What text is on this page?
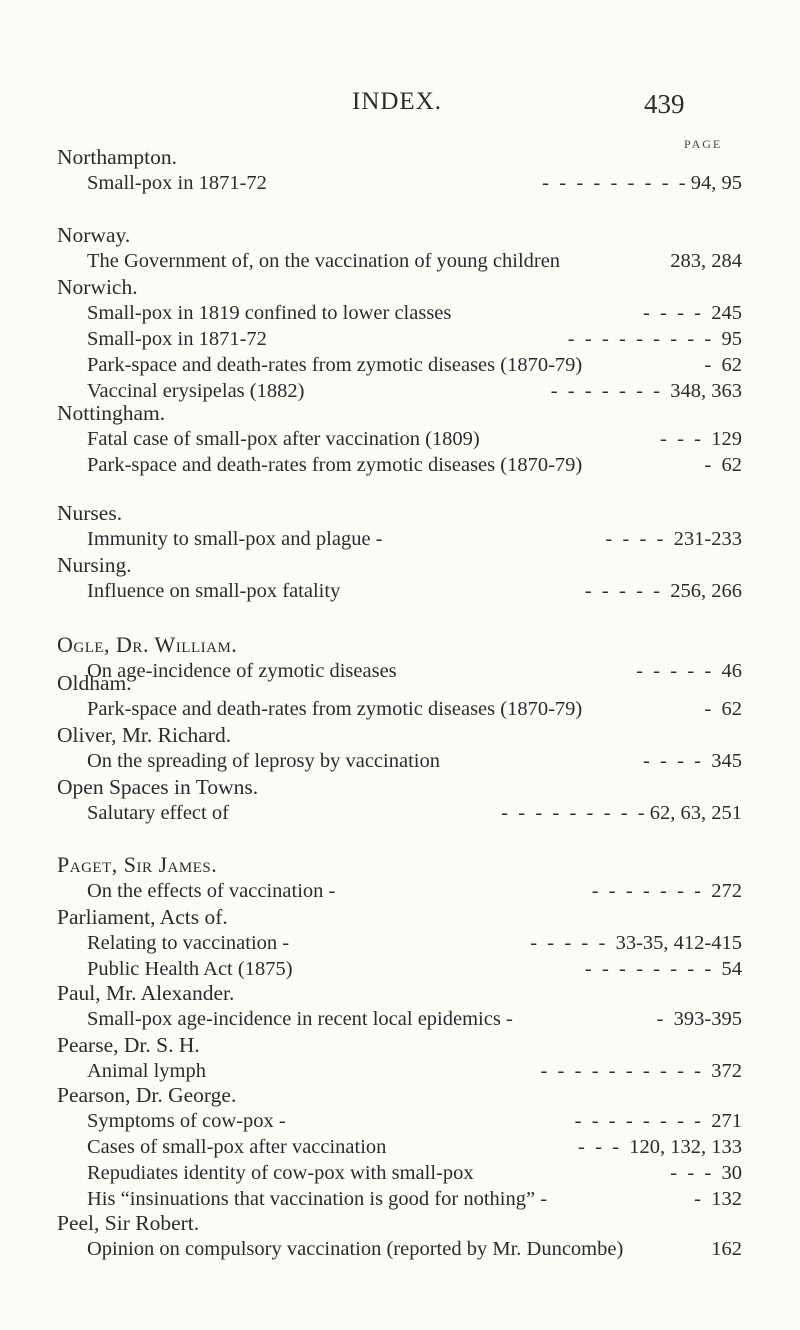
INDEX.	439
PAGE
Northampton.
Small-pox in 1871-72	-  -  -  -  -  -  -  -  - 94, 95
Norway.
The Government of, on the vaccination of young children	283, 284
Norwich.
Small-pox in 1819 confined to lower classes	-  -  -  -  245
Small-pox in 1871-72	-  -  -  -  -  -  -  -  -  95
Park-space and death-rates from zymotic diseases (1870-79)	-  62
Vaccinal erysipelas (1882)	-  -  -  -  -  -  -  348, 363
Nottingham.
Fatal case of small-pox after vaccination (1809)	-  -  -  129
Park-space and death-rates from zymotic diseases (1870-79)	-  62
Nurses.
Immunity to small-pox and plague -	-  -  -  -  231-233
Nursing.
Influence on small-pox fatality	-  -  -  -  -  256, 266
Ogle, Dr. William.
On age-incidence of zymotic diseases	-  -  -  -  -  46
Oldham.
Park-space and death-rates from zymotic diseases (1870-79)	-  62
Oliver, Mr. Richard.
On the spreading of leprosy by vaccination	-  -  -  -  345
Open Spaces in Towns.
Salutary effect of	-  -  -  -  -  -  -  -  - 62, 63, 251
Paget, Sir James.
On the effects of vaccination -	-  -  -  -  -  -  -  272
Parliament, Acts of.
Relating to vaccination -	-  -  -  -  -  33-35, 412-415
Public Health Act (1875)	-  -  -  -  -  -  -  -  54
Paul, Mr. Alexander.
Small-pox age-incidence in recent local epidemics -	-  393-395
Pearse, Dr. S. H.
Animal lymph	-  -  -  -  -  -  -  -  -  -  372
Pearson, Dr. George.
Symptoms of cow-pox -	-  -  -  -  -  -  -  -  271
Cases of small-pox after vaccination	-  -  -  120, 132, 133
Repudiates identity of cow-pox with small-pox	-  -  -  30
His “insinuations that vaccination is good for nothing” -	-  132
Peel, Sir Robert.
Opinion on compulsory vaccination (reported by Mr. Duncombe)	162
